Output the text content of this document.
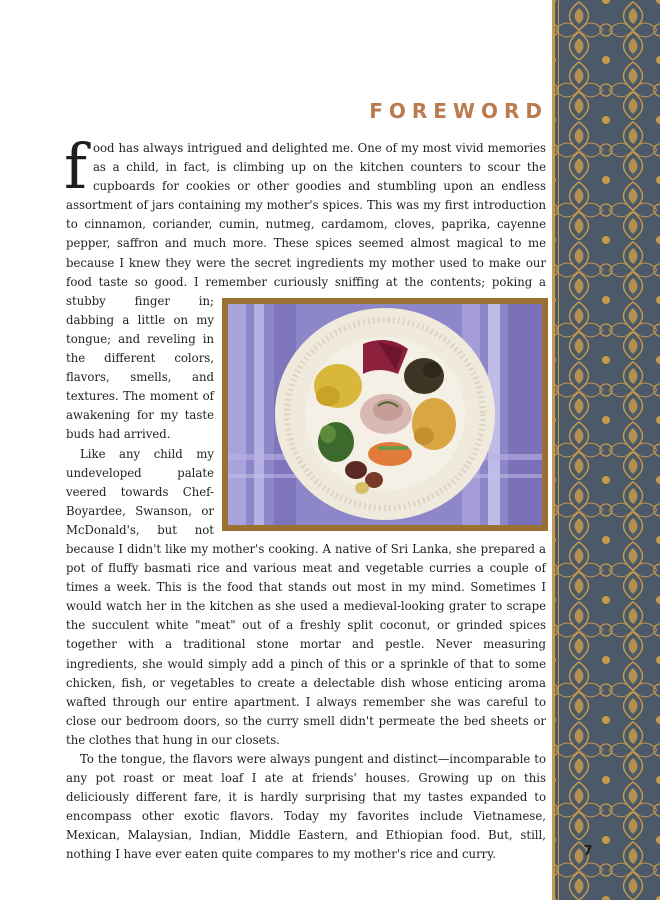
FOREWORD

food has always intrigued and delighted me. One of my most vivid memories as a child, in fact, is climbing up on the kitchen counters to scour the cupboards for cookies or other goodies and stumbling upon an endless assortment of jars containing my mother's spices. This was my first introduction to cinnamon, coriander, cumin, nutmeg, cardamom, cloves, paprika, cayenne pepper, saffron and much more. These spices seemed almost magical to me because I knew they were the secret ingredients my mother used to make our food taste so good. I remember curiously sniffing at the contents; poking
a stubby finger in; dabbing a little on my tongue; and reveling in the different colors, flavors, smells, and textures. The moment of awakening for my taste buds had arrived.

Like any child my undeveloped palate veered towards Chef-Boyardee, Swanson, or McDonald's, but not because I didn't like my mother's cooking. A native of Sri Lanka, she prepared a pot of fluffy basmati rice and various meat and vegetable curries a couple of times a week. This is the food that stands out most in my mind. Sometimes I would watch her in the kitchen as she used a medieval-looking grater to scrape the succulent white "meat" out of a freshly split coconut, or grinded spices together with a traditional stone mortar and pestle. Never measuring ingredients, she would simply add a pinch of this or a sprinkle of that to some chicken, fish, or vegetables to create a delectable dish whose enticing aroma wafted through our entire apartment. I always remember she was careful to close our bedroom doors, so the curry smell didn't permeate the bed sheets or the clothes that hung in our closets.

To the tongue, the flavors were always pungent and distinct—incomparable to any pot roast or meat loaf I ate at friends' houses. Growing up on this deliciously different fare, it is hardly surprising that my tastes expanded to encompass other exotic flavors. Today my favorites include Vietnamese, Mexican, Malaysian, Indian, Middle Eastern, and Ethiopian food. But, still, nothing I have ever eaten quite compares to my mother's rice and curry.	7
